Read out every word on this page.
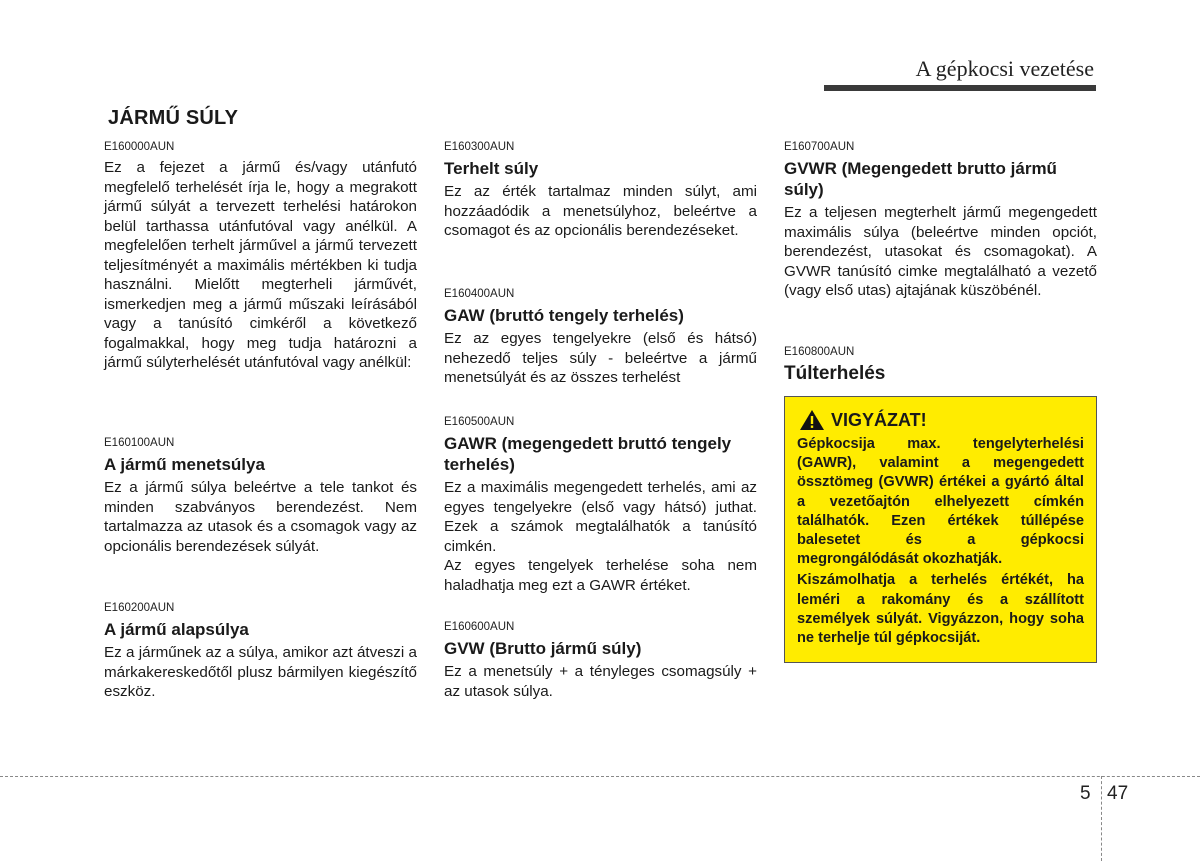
A gépkocsi vezetése
JÁRMŰ SÚLY

E160000AUN

Ez a fejezet a jármű és/vagy utánfutó megfelelő terhelését írja le, hogy a megrakott jármű súlyát a tervezett terhelési határokon belül tarthassa utánfutóval vagy anélkül. A megfelelően terhelt járművel a jármű tervezett teljesítményét a maximális mértékben ki tudja használni. Mielőtt megterheli járművét, ismerkedjen meg a jármű műszaki leírásából vagy a tanúsító cimkéről a következő fogalmakkal, hogy meg tudja határozni a jármű súlyterhelését utánfutóval vagy anélkül:

E160100AUN

A jármű menetsúlya

Ez a jármű súlya beleértve a tele tankot és minden szabványos berendezést. Nem tartalmazza az utasok és a csomagok vagy az opcionális berendezések súlyát.

E160200AUN

A jármű alapsúlya

Ez a járműnek az a súlya, amikor azt átveszi a márkakereskedőtől plusz bármilyen kiegészítő eszköz.

E160300AUN

Terhelt súly

Ez az érték tartalmaz minden súlyt, ami hozzáadódik a menetsúlyhoz, beleértve a csomagot és az opcionális berendezéseket.

E160400AUN

GAW (bruttó tengely terhelés)

Ez az egyes tengelyekre (első és hátsó) nehezedő teljes súly - beleértve a jármű menetsúlyát és az összes terhelést

E160500AUN

GAWR (megengedett bruttó tengely terhelés)

Ez a maximális megengedett terhelés, ami az egyes tengelyekre (első vagy hátsó) juthat. Ezek a számok megtalálhatók a tanúsító cimkén.

Az egyes tengelyek terhelése soha nem haladhatja meg ezt a GAWR értéket.

E160600AUN

GVW (Brutto jármű súly)

Ez a menetsúly + a tényleges csomagsúly + az utasok súlya.

E160700AUN

GVWR (Megengedett brutto jármű súly)

Ez a teljesen megterhelt jármű megengedett maximális súlya (beleértve minden opciót, berendezést, utasokat és csomagokat). A GVWR tanúsító cimke megtalálható a vezető (vagy első utas) ajtajának küszöbénél.

E160800AUN

Túlterhelés

VIGYÁZAT!

Gépkocsija max. tengelyterhelési (GAWR), valamint a megengedett össztömeg (GVWR) értékei a gyártó által a vezetőajtón elhelyezett címkén találhatók. Ezen értékek túllépése balesetet és a gépkocsi megrongálódását okozhatják.

Kiszámolhatja a terhelés értékét, ha leméri a rakomány és a szállított személyek súlyát. Vigyázzon, hogy soha ne terhelje túl gépkocsiját.

5 47
